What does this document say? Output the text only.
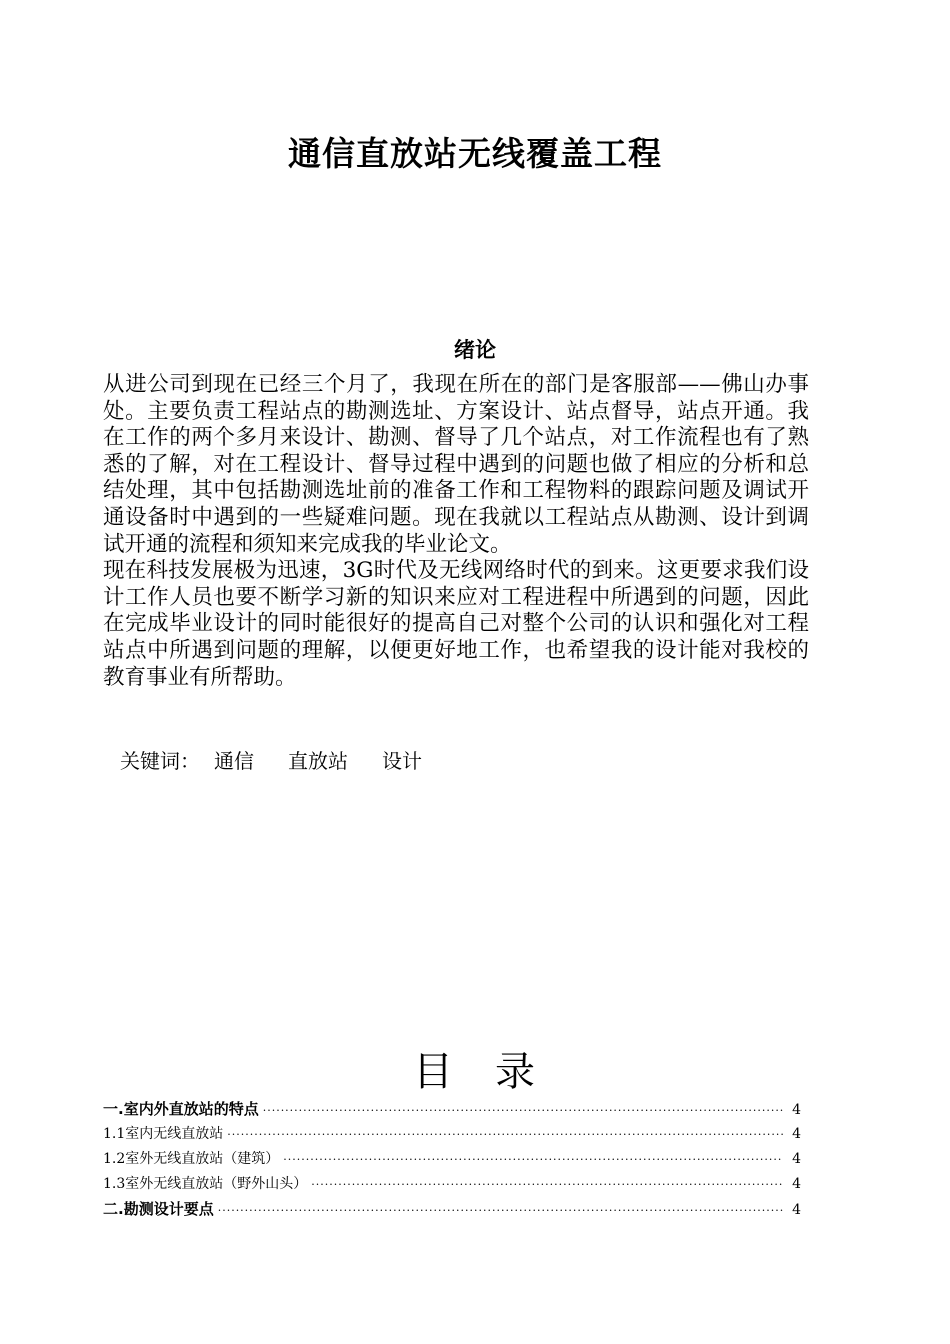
通信直放站无线覆盖工程
绪论

从进公司到现在已经三个月了，我现在所在的部门是客服部——佛山办事处。主要负责工程站点的勘测选址、方案设计、站点督导，站点开通。我在工作的两个多月来设计、勘测、督导了几个站点，对工作流程也有了熟悉的了解，对在工程设计、督导过程中遇到的问题也做了相应的分析和总结处理，其中包括勘测选址前的准备工作和工程物料的跟踪问题及调试开通设备时中遇到的一些疑难问题。现在我就以工程站点从勘测、设计到调试开通的流程和须知来完成我的毕业论文。

现在科技发展极为迅速，3G时代及无线网络时代的到来。这更要求我们设计工作人员也要不断学习新的知识来应对工程进程中所遇到的问题，因此在完成毕业设计的同时能很好的提高自己对整个公司的认识和强化对工程站点中所遇到问题的理解，以便更好地工作，也希望我的设计能对我校的教育事业有所帮助。

关键词： 通信 直放站 设计
目 录
一.室内外直放站的特点 ·····	4
1.1室内无线直放站 ·····	4
1.2室外无线直放站（建筑） ·····	4
1.3室外无线直放站（野外山头） ·····	4
二.勘测设计要点 ·····	4
